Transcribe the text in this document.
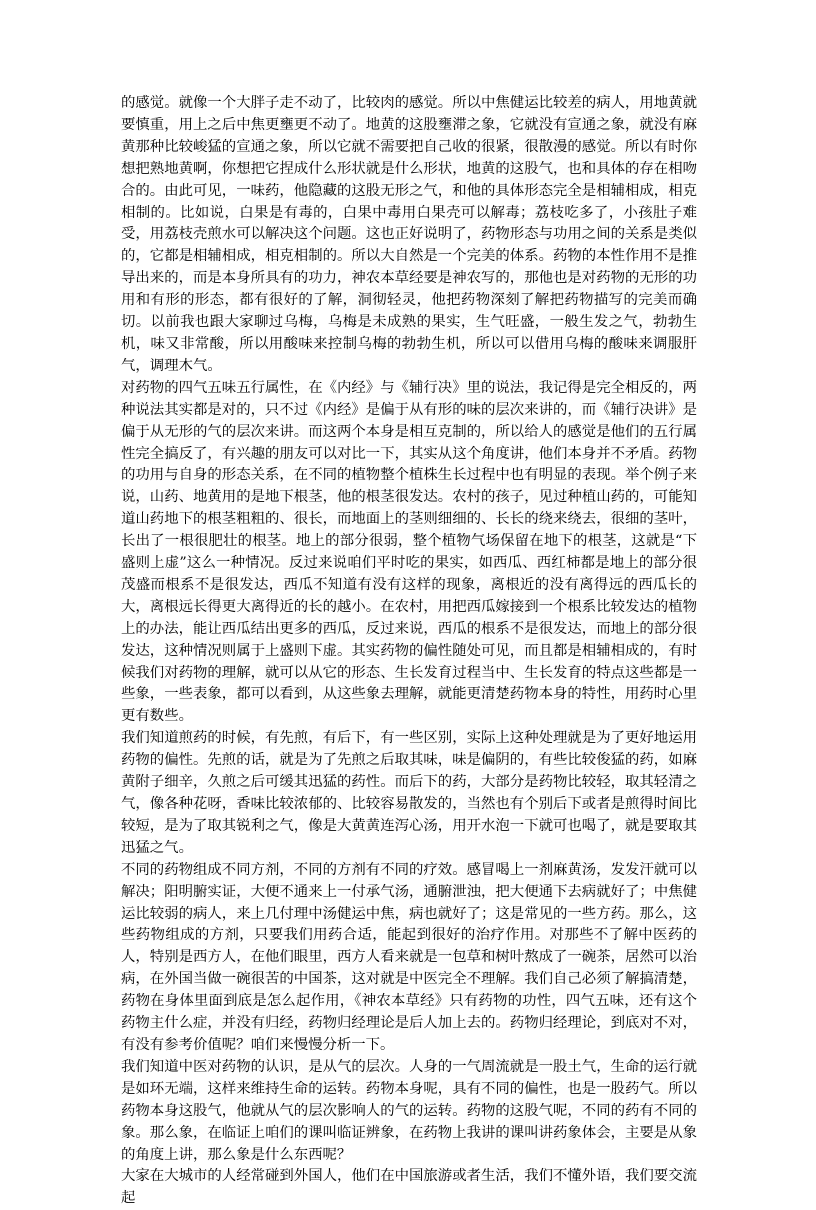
的感觉。就像一个大胖子走不动了，比较肉的感觉。所以中焦健运比较差的病人，用地黄就要慎重，用上之后中焦更壅更不动了。地黄的这股壅滞之象，它就没有宣通之象，就没有麻黄那种比较峻猛的宣通之象，所以它就不需要把自己收的很紧，很散漫的感觉。所以有时你想把熟地黄啊，你想把它捏成什么形状就是什么形状，地黄的这股气，也和具体的存在相吻合的。由此可见，一味药，他隐藏的这股无形之气，和他的具体形态完全是相辅相成，相克相制的。比如说，白果是有毒的，白果中毒用白果壳可以解毒；荔枝吃多了，小孩肚子难受，用荔枝壳煎水可以解决这个问题。这也正好说明了，药物形态与功用之间的关系是类似的，它都是相辅相成，相克相制的。所以大自然是一个完美的体系。药物的本性作用不是推导出来的，而是本身所具有的功力，神农本草经要是神农写的，那他也是对药物的无形的功用和有形的形态，都有很好的了解，洞彻轻灵，他把药物深刻了解把药物描写的完美而确切。以前我也跟大家聊过乌梅，乌梅是未成熟的果实，生气旺盛，一般生发之气，勃勃生机，味又非常酸，所以用酸味来控制乌梅的勃勃生机，所以可以借用乌梅的酸味来调服肝气，调理木气。

对药物的四气五味五行属性，在《内经》与《辅行决》里的说法，我记得是完全相反的，两种说法其实都是对的，只不过《内经》是偏于从有形的味的层次来讲的，而《辅行决讲》是偏于从无形的气的层次来讲。而这两个本身是相互克制的，所以给人的感觉是他们的五行属性完全搞反了，有兴趣的朋友可以对比一下，其实从这个角度讲，他们本身并不矛盾。药物的功用与自身的形态关系，在不同的植物整个植株生长过程中也有明显的表现。举个例子来说，山药、地黄用的是地下根茎，他的根茎很发达。农村的孩子，见过种植山药的，可能知道山药地下的根茎粗粗的、很长，而地面上的茎则细细的、长长的绕来绕去，很细的茎叶，长出了一根很肥壮的根茎。地上的部分很弱，整个植物气场保留在地下的根茎，这就是“下盛则上虚”这么一种情况。反过来说咱们平时吃的果实，如西瓜、西红柿都是地上的部分很茂盛而根系不是很发达，西瓜不知道有没有这样的现象，离根近的没有离得远的西瓜长的大，离根远长得更大离得近的长的越小。在农村，用把西瓜嫁接到一个根系比较发达的植物上的办法，能让西瓜结出更多的西瓜，反过来说，西瓜的根系不是很发达，而地上的部分很发达，这种情况则属于上盛则下虚。其实药物的偏性随处可见，而且都是相辅相成的，有时候我们对药物的理解，就可以从它的形态、生长发育过程当中、生长发育的特点这些都是一些象，一些表象，都可以看到，从这些象去理解，就能更清楚药物本身的特性，用药时心里更有数些。

我们知道煎药的时候，有先煎，有后下，有一些区别，实际上这种处理就是为了更好地运用药物的偏性。先煎的话，就是为了先煎之后取其味，味是偏阴的，有些比较俊猛的药，如麻黄附子细辛，久煎之后可缓其迅猛的药性。而后下的药，大部分是药物比较轻，取其轻清之气，像各种花呀，香味比较浓郁的、比较容易散发的，当然也有个别后下或者是煎得时间比较短，是为了取其锐利之气，像是大黄黄连泻心汤，用开水泡一下就可也喝了，就是要取其迅猛之气。

不同的药物组成不同方剂，不同的方剂有不同的疗效。感冒喝上一剂麻黄汤，发发汗就可以解决；阳明腑实证，大便不通来上一付承气汤，通腑泄浊，把大便通下去病就好了；中焦健运比较弱的病人，来上几付理中汤健运中焦，病也就好了；这是常见的一些方药。那么，这些药物组成的方剂，只要我们用药合适，能起到很好的治疗作用。对那些不了解中医药的人，特别是西方人，在他们眼里，西方人看来就是一包草和树叶熬成了一碗茶，居然可以治病，在外国当做一碗很苦的中国茶，这对就是中医完全不理解。我们自己必须了解搞清楚，药物在身体里面到底是怎么起作用，《神农本草经》只有药物的功性，四气五味，还有这个药物主什么症，并没有归经，药物归经理论是后人加上去的。药物归经理论，到底对不对，有没有参考价值呢？咱们来慢慢分析一下。

我们知道中医对药物的认识，是从气的层次。人身的一气周流就是一股土气，生命的运行就是如环无端，这样来维持生命的运转。药物本身呢，具有不同的偏性，也是一股药气。所以药物本身这股气，他就从气的层次影响人的气的运转。药物的这股气呢，不同的药有不同的象。那么象，在临证上咱们的课叫临证辨象，在药物上我讲的课叫讲药象体会，主要是从象的角度上讲，那么象是什么东西呢？

大家在大城市的人经常碰到外国人，他们在中国旅游或者生活，我们不懂外语，我们要交流起
